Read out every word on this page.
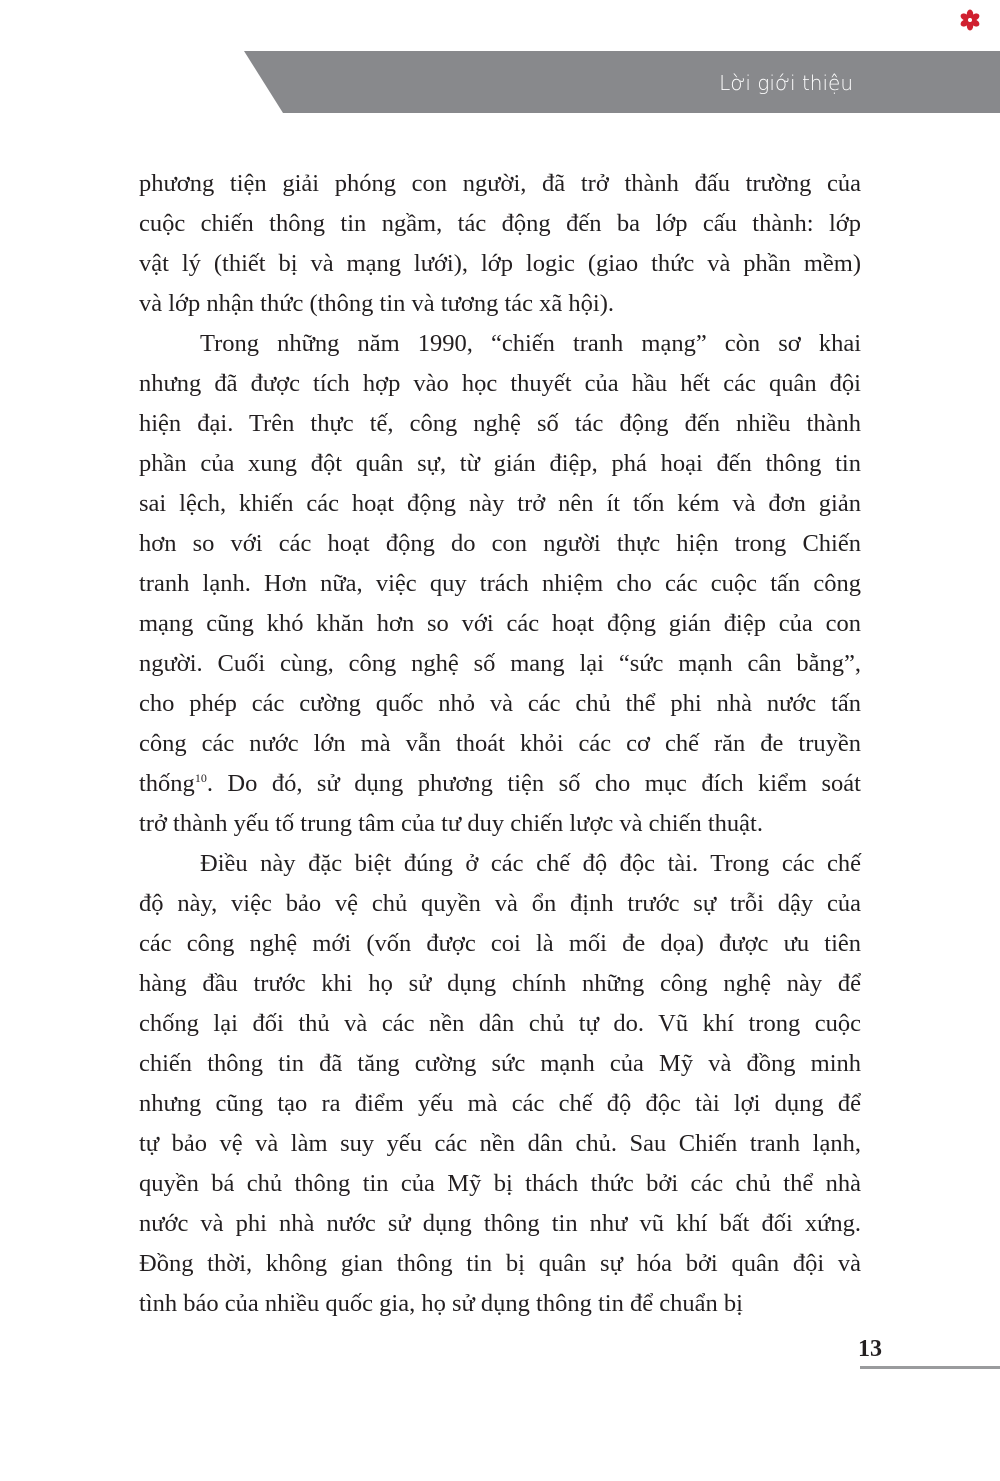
Lời giới thiệu
phương tiện giải phóng con người, đã trở thành đấu trường của
cuộc chiến thông tin ngầm, tác động đến ba lớp cấu thành: lớp
vật lý (thiết bị và mạng lưới), lớp logic (giao thức và phần mềm)
và lớp nhận thức (thông tin và tương tác xã hội).
Trong những năm 1990, “chiến tranh mạng” còn sơ khai
nhưng đã được tích hợp vào học thuyết của hầu hết các quân đội
hiện đại. Trên thực tế, công nghệ số tác động đến nhiều thành
phần của xung đột quân sự, từ gián điệp, phá hoại đến thông tin
sai lệch, khiến các hoạt động này trở nên ít tốn kém và đơn giản
hơn so với các hoạt động do con người thực hiện trong Chiến
tranh lạnh. Hơn nữa, việc quy trách nhiệm cho các cuộc tấn công
mạng cũng khó khăn hơn so với các hoạt động gián điệp của con
người. Cuối cùng, công nghệ số mang lại “sức mạnh cân bằng”,
cho phép các cường quốc nhỏ và các chủ thể phi nhà nước tấn
công các nước lớn mà vẫn thoát khỏi các cơ chế răn đe truyền
thống$^{10}$. Do đó, sử dụng phương tiện số cho mục đích kiểm soát
trở thành yếu tố trung tâm của tư duy chiến lược và chiến thuật.
Điều này đặc biệt đúng ở các chế độ độc tài. Trong các chế
độ này, việc bảo vệ chủ quyền và ổn định trước sự trỗi dậy của
các công nghệ mới (vốn được coi là mối đe dọa) được ưu tiên
hàng đầu trước khi họ sử dụng chính những công nghệ này để
chống lại đối thủ và các nền dân chủ tự do. Vũ khí trong cuộc
chiến thông tin đã tăng cường sức mạnh của Mỹ và đồng minh
nhưng cũng tạo ra điểm yếu mà các chế độ độc tài lợi dụng để
tự bảo vệ và làm suy yếu các nền dân chủ. Sau Chiến tranh lạnh,
quyền bá chủ thông tin của Mỹ bị thách thức bởi các chủ thể nhà
nước và phi nhà nước sử dụng thông tin như vũ khí bất đối xứng.
Đồng thời, không gian thông tin bị quân sự hóa bởi quân đội và
tình báo của nhiều quốc gia, họ sử dụng thông tin để chuẩn bị
13
